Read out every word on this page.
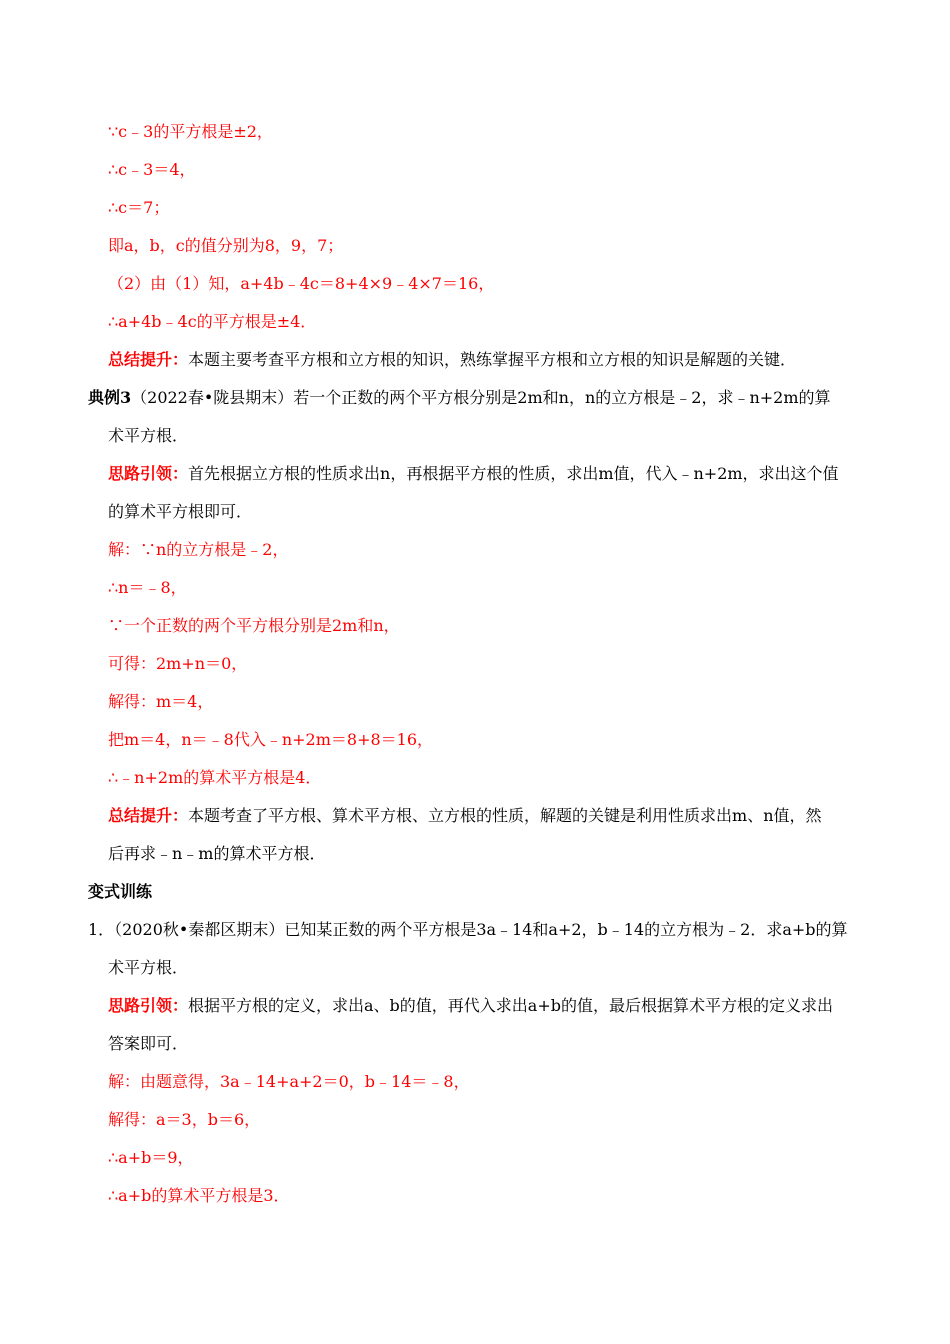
∵c﹣3的平方根是±2，
∴c﹣3＝4，
∴c＝7；
即a，b，c的值分别为8，9，7；
（2）由（1）知，a+4b﹣4c＝8+4×9﹣4×7＝16，
∴a+4b﹣4c的平方根是±4．
总结提升：本题主要考查平方根和立方根的知识，熟练掌握平方根和立方根的知识是解题的关键．
典例3（2022春•陇县期末）若一个正数的两个平方根分别是2m和n，n的立方根是﹣2，求﹣n+2m的算
术平方根．
思路引领：首先根据立方根的性质求出n，再根据平方根的性质，求出m值，代入﹣n+2m，求出这个值
的算术平方根即可．
解：∵n的立方根是﹣2，
∴n＝﹣8，
∵一个正数的两个平方根分别是2m和n，
可得：2m+n＝0，
解得：m＝4，
把m＝4，n＝﹣8代入﹣n+2m＝8+8＝16，
∴﹣n+2m的算术平方根是4．
总结提升：本题考查了平方根、算术平方根、立方根的性质，解题的关键是利用性质求出m、n值，然
后再求﹣n﹣m的算术平方根．
变式训练
1．（2020秋•秦都区期末）已知某正数的两个平方根是3a﹣14和a+2，b﹣14的立方根为﹣2．求a+b的算
术平方根．
思路引领：根据平方根的定义，求出a、b的值，再代入求出a+b的值，最后根据算术平方根的定义求出
答案即可．
解：由题意得，3a﹣14+a+2＝0，b﹣14＝﹣8，
解得：a＝3，b＝6，
∴a+b＝9，
∴a+b的算术平方根是3．
